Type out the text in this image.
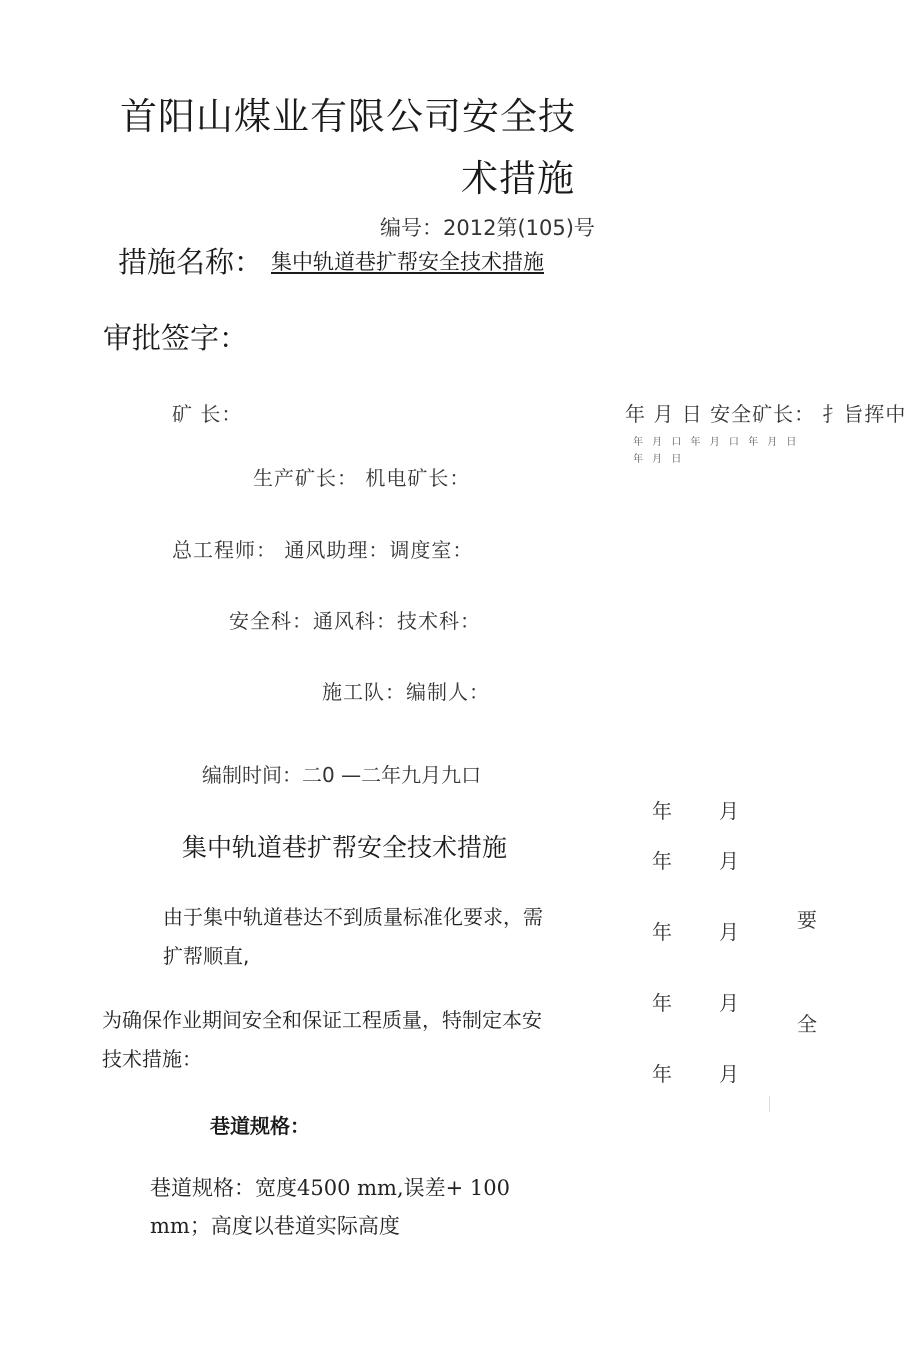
首阳山煤业有限公司安全技
术措施
编号：2012第(105)号
措施名称： 集中轨道巷扩帮安全技术措施
审批签字：
矿 长：	年 月 日 安全矿长： 扌旨挥中
年 月 口 年 月 口 年 月 日
年 月 日
生产矿长： 机电矿长：
总工程师： 通风助理：调度室：
安全科：通风科：技术科：
施工队：编制人：
编制时间：二0 —二年九月九口
年 月
年 月
年 月
年 月
年 月
要
全
集中轨道巷扩帮安全技术措施
由于集中轨道巷达不到质量标准化要求，需
扩帮顺直,
为确保作业期间安全和保证工程质量，特制定本安
技术措施：
巷道规格：
巷道规格：宽度4500 mm,误差+ 100
mm；高度以巷道实际高度
